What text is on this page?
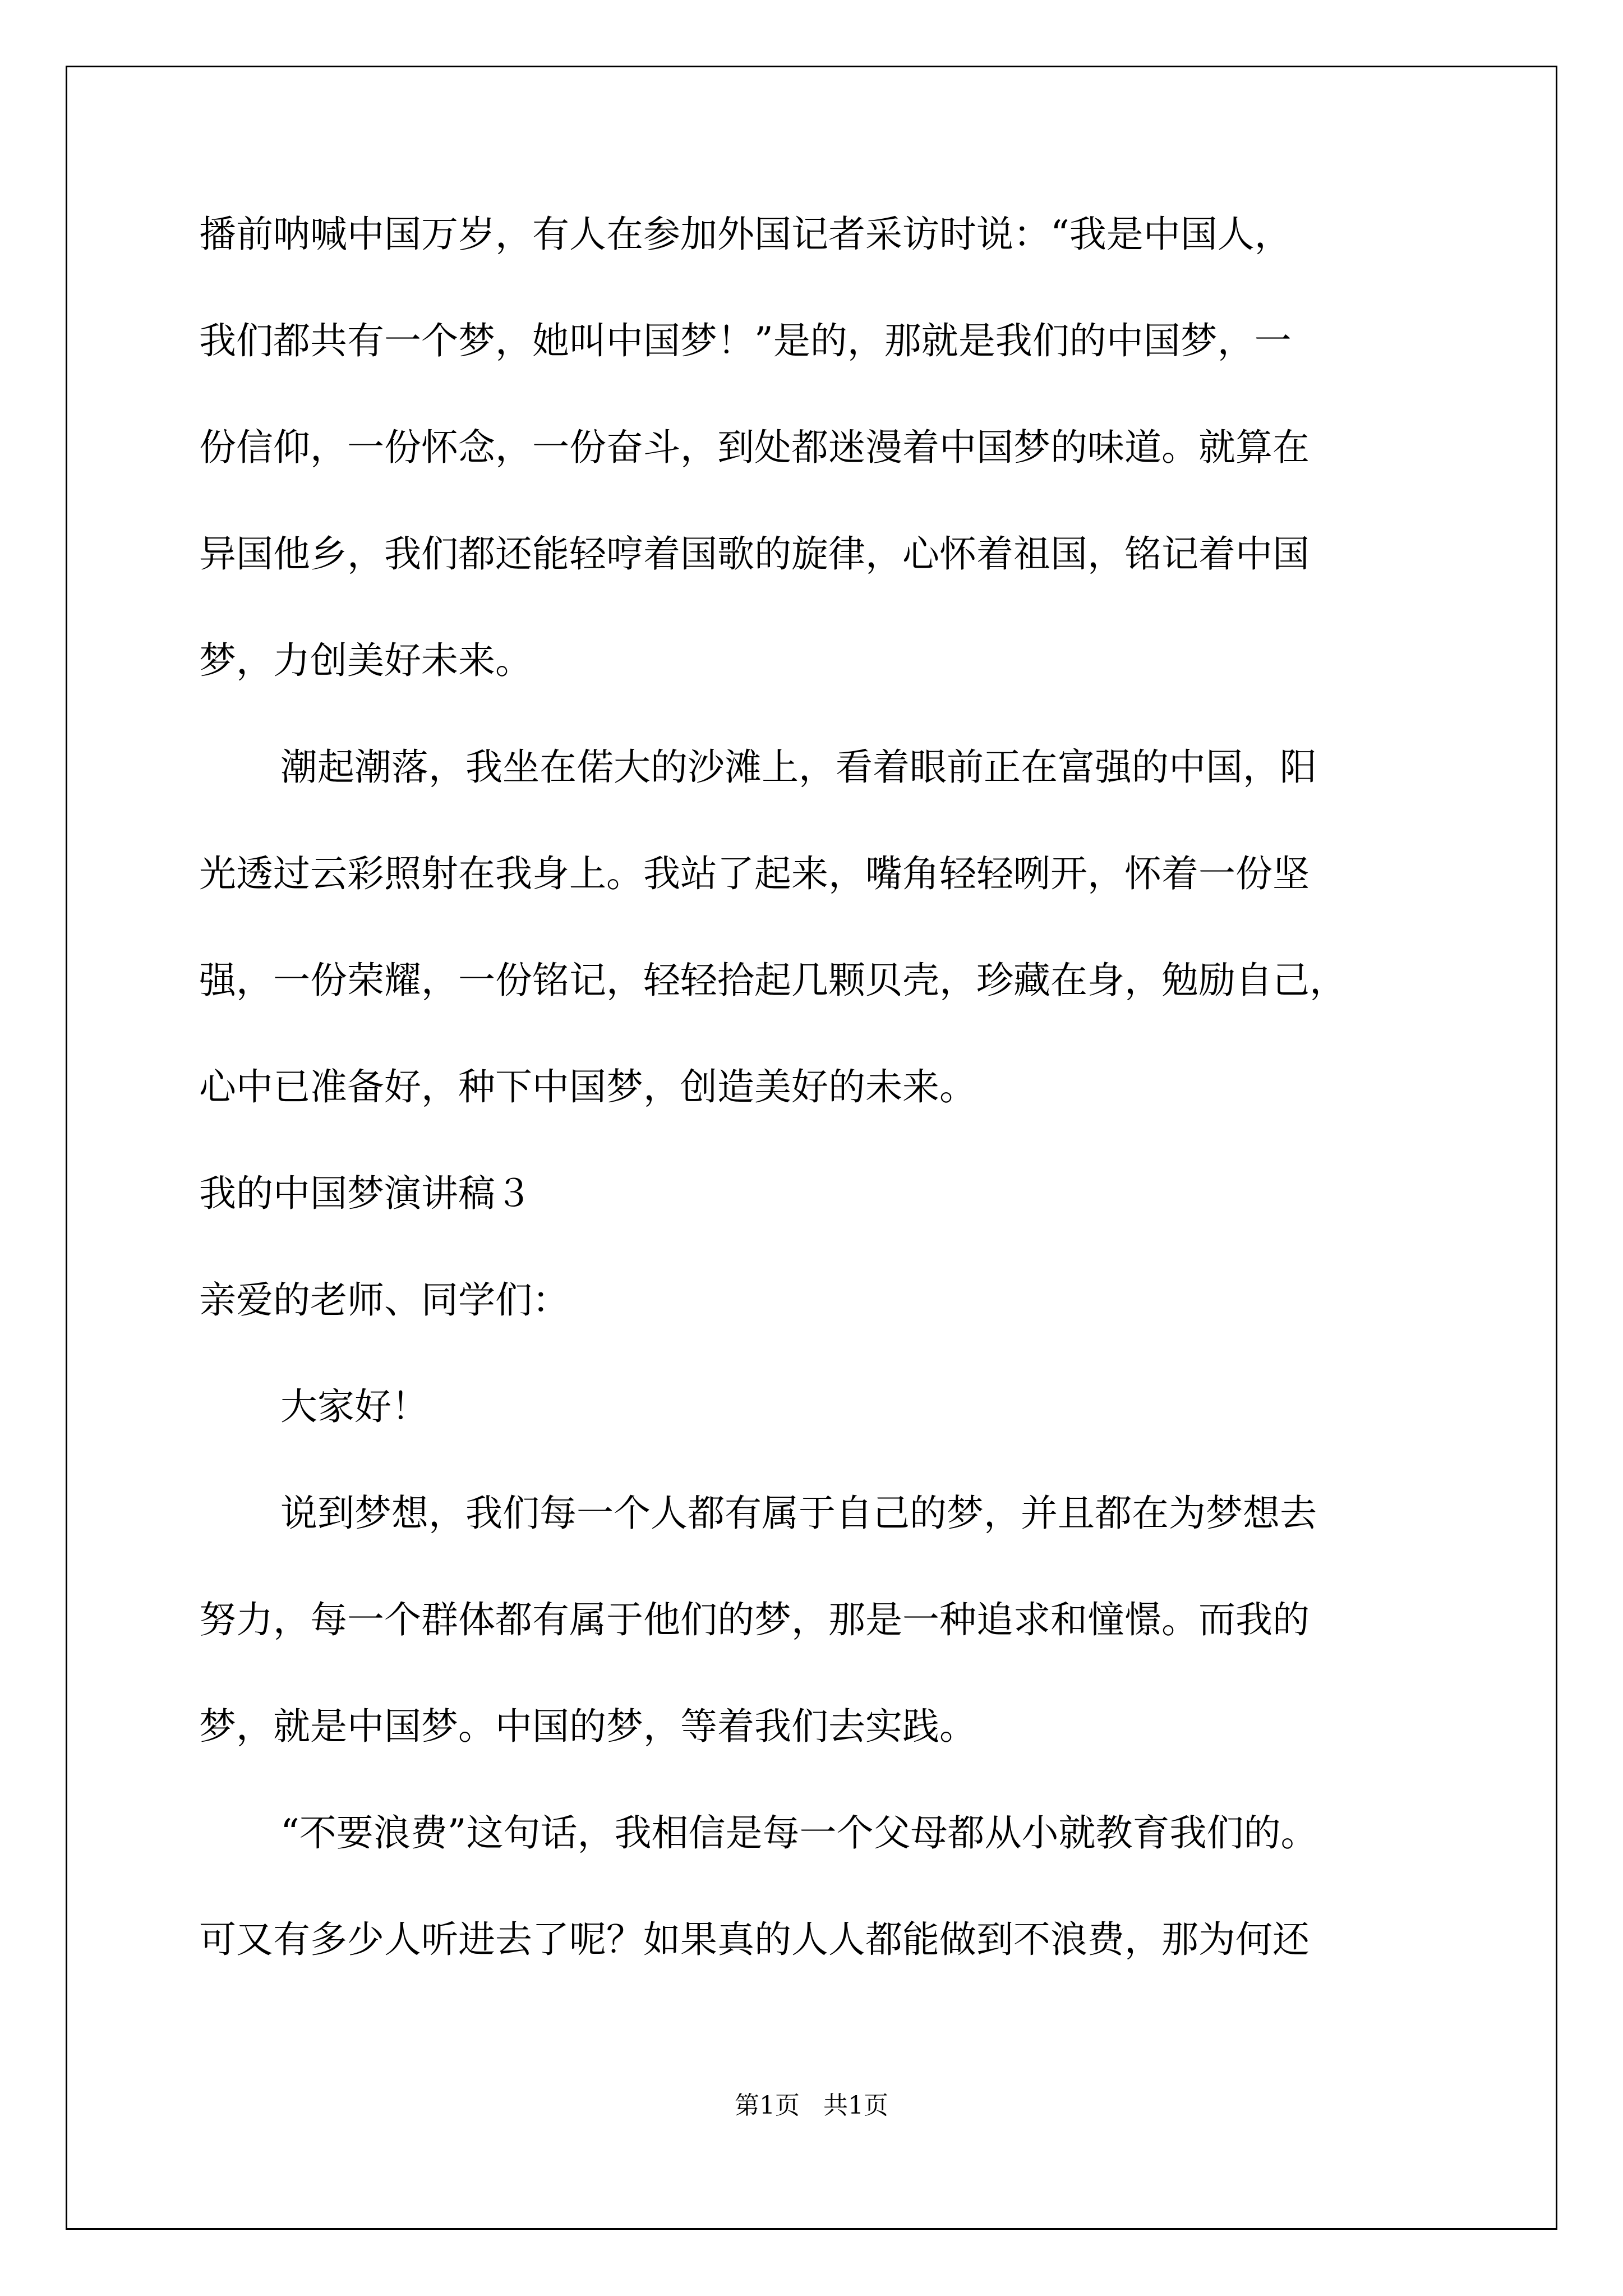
播前呐喊中国万岁，有人在参加外国记者采访时说：“我是中国人，
我们都共有一个梦，她叫中国梦！”是的，那就是我们的中国梦，一
份信仰，一份怀念，一份奋斗，到处都迷漫着中国梦的味道。就算在
异国他乡，我们都还能轻哼着国歌的旋律，心怀着祖国，铭记着中国
梦，力创美好未来。
潮起潮落，我坐在偌大的沙滩上，看着眼前正在富强的中国，阳
光透过云彩照射在我身上。我站了起来，嘴角轻轻咧开，怀着一份坚
强，一份荣耀，一份铭记，轻轻拾起几颗贝壳，珍藏在身，勉励自己，
心中已准备好，种下中国梦，创造美好的未来。
我的中国梦演讲稿３
亲爱的老师、同学们：
大家好！
说到梦想，我们每一个人都有属于自己的梦，并且都在为梦想去
努力，每一个群体都有属于他们的梦，那是一种追求和憧憬。而我的
梦，就是中国梦。中国的梦，等着我们去实践。
“不要浪费”这句话，我相信是每一个父母都从小就教育我们的。
可又有多少人听进去了呢？如果真的人人都能做到不浪费，那为何还
第1页   共1页
